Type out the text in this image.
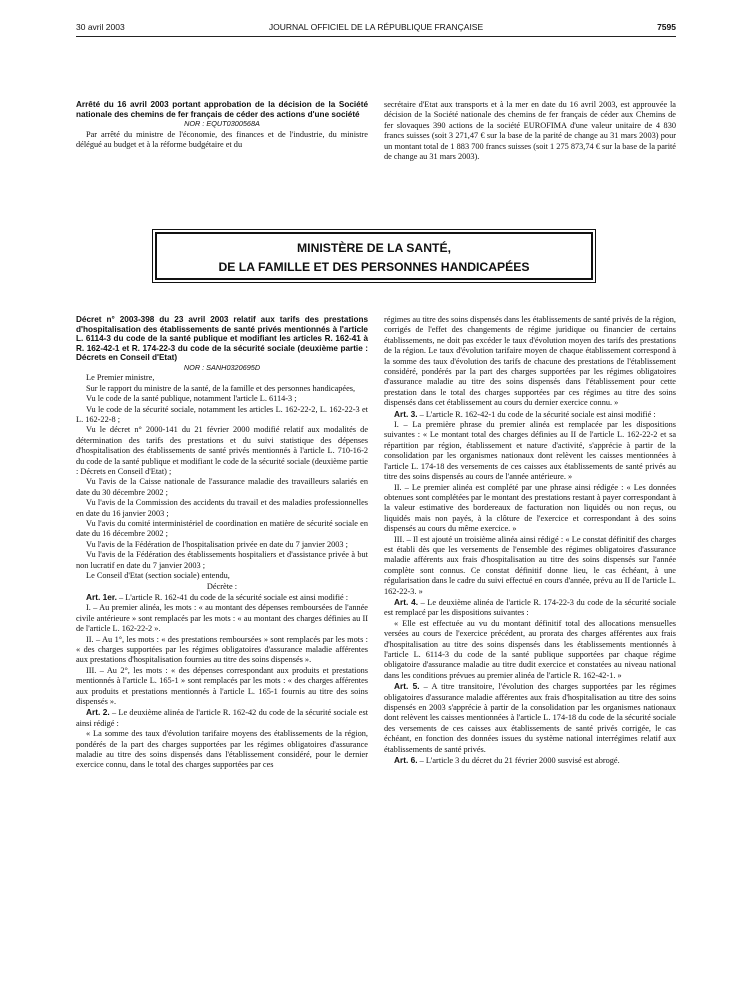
30 avril 2003	JOURNAL OFFICIEL DE LA RÉPUBLIQUE FRANÇAISE	7595

Arrêté du 16 avril 2003 portant approbation de la décision de la Société nationale des chemins de fer français de céder des actions d'une société

NOR : EQUT0300568A

Par arrêté du ministre de l'économie, des finances et de l'industrie, du ministre délégué au budget et à la réforme budgétaire et du

secrétaire d'Etat aux transports et à la mer en date du 16 avril 2003, est approuvée la décision de la Société nationale des chemins de fer français de céder aux Chemins de fer slovaques 390 actions de la société EUROFIMA d'une valeur unitaire de 4 830 francs suisses (soit 3 271,47 € sur la base de la parité de change au 31 mars 2003) pour un montant total de 1 883 700 francs suisses (soit 1 275 873,74 € sur la base de la parité de change au 31 mars 2003).

MINISTÈRE DE LA SANTÉ,
DE LA FAMILLE ET DES PERSONNES HANDICAPÉES

Décret n° 2003-398 du 23 avril 2003 relatif aux tarifs des prestations d'hospitalisation des établissements de santé privés mentionnés à l'article L. 6114-3 du code de la santé publique et modifiant les articles R. 162-41 à R. 162-42-1 et R. 174-22-3 du code de la sécurité sociale (deuxième partie : Décrets en Conseil d'Etat)

NOR : SANH0320695D

Le Premier ministre,

Sur le rapport du ministre de la santé, de la famille et des personnes handicapées,

Vu le code de la santé publique, notamment l'article L. 6114-3 ;

Vu le code de la sécurité sociale, notamment les articles L. 162-22-2, L. 162-22-3 et L. 162-22-8 ;

Vu le décret n° 2000-141 du 21 février 2000 modifié relatif aux modalités de détermination des tarifs des prestations et du suivi statistique des dépenses d'hospitalisation des établissements de santé privés mentionnés à l'article L. 710-16-2 du code de la santé publique et modifiant le code de la sécurité sociale (deuxième partie : Décrets en Conseil d'Etat) ;

Vu l'avis de la Caisse nationale de l'assurance maladie des travailleurs salariés en date du 30 décembre 2002 ;

Vu l'avis de la Commission des accidents du travail et des maladies professionnelles en date du 16 janvier 2003 ;

Vu l'avis du comité interministériel de coordination en matière de sécurité sociale en date du 16 décembre 2002 ;

Vu l'avis de la Fédération de l'hospitalisation privée en date du 7 janvier 2003 ;

Vu l'avis de la Fédération des établissements hospitaliers et d'assistance privée à but non lucratif en date du 7 janvier 2003 ;

Le Conseil d'Etat (section sociale) entendu,

Décrète :

Art. 1er. – L'article R. 162-41 du code de la sécurité sociale est ainsi modifié :

I. – Au premier alinéa, les mots : « au montant des dépenses remboursées de l'année civile antérieure » sont remplacés par les mots : « au montant des charges définies au II de l'article L. 162-22-2 ».

II. – Au 1°, les mots : « des prestations remboursées » sont remplacés par les mots : « des charges supportées par les régimes obligatoires d'assurance maladie afférentes aux prestations d'hospitalisation fournies au titre des soins dispensés ».

III. – Au 2°, les mots : « des dépenses correspondant aux produits et prestations mentionnés à l'article L. 165-1 » sont remplacés par les mots : « des charges afférentes aux produits et prestations mentionnés à l'article L. 165-1 fournis au titre des soins dispensés ».

Art. 2. – Le deuxième alinéa de l'article R. 162-42 du code de la sécurité sociale est ainsi rédigé :

« La somme des taux d'évolution tarifaire moyens des établissements de la région, pondérés de la part des charges supportées par les régimes obligatoires d'assurance maladie au titre des soins dispensés dans l'établissement considéré, pour le dernier exercice connu, dans le total des charges supportées par ces

régimes au titre des soins dispensés dans les établissements de santé privés de la région, corrigés de l'effet des changements de régime juridique ou financier de certains établissements, ne doit pas excéder le taux d'évolution moyen des tarifs des prestations de la région. Le taux d'évolution tarifaire moyen de chaque établissement correspond à la somme des taux d'évolution des tarifs de chacune des prestations de l'établissement considéré, pondérés par la part des charges supportées par les régimes obligatoires d'assurance maladie au titre des soins dispensés dans l'établissement pour cette prestation dans le total des charges supportées par ces régimes au titre des soins dispensés dans cet établissement au cours du dernier exercice connu. »

Art. 3. – L'article R. 162-42-1 du code de la sécurité sociale est ainsi modifié :

I. – La première phrase du premier alinéa est remplacée par les dispositions suivantes : « Le montant total des charges définies au II de l'article L. 162-22-2 et sa répartition par région, établissement et nature d'activité, s'apprécie à partir de la consolidation par les organismes nationaux dont relèvent les caisses mentionnées à l'article L. 174-18 des versements de ces caisses aux établissements de santé privés au titre des soins dispensés au cours de l'année antérieure. »

II. – Le premier alinéa est complété par une phrase ainsi rédigée : « Les données obtenues sont complétées par le montant des prestations restant à payer correspondant à la valeur estimative des bordereaux de facturation non liquidés ou non reçus, ou liquidés mais non payés, à la clôture de l'exercice et correspondant à des soins dispensés au cours du même exercice. »

III. – Il est ajouté un troisième alinéa ainsi rédigé : « Le constat définitif des charges est établi dès que les versements de l'ensemble des régimes obligatoires d'assurance maladie afférents aux frais d'hospitalisation au titre des soins dispensés sur l'année complète sont connus. Ce constat définitif donne lieu, le cas échéant, à une régularisation dans le cadre du suivi effectué en cours d'année, prévu au II de l'article L. 162-22-3. »

Art. 4. – Le deuxième alinéa de l'article R. 174-22-3 du code de la sécurité sociale est remplacé par les dispositions suivantes :

« Elle est effectuée au vu du montant définitif total des allocations mensuelles versées au cours de l'exercice précédent, au prorata des charges afférentes aux frais d'hospitalisation au titre des soins dispensés dans les établissements mentionnés à l'article L. 6114-3 du code de la santé publique supportées par chaque régime obligatoire d'assurance maladie au titre dudit exercice et constatées au niveau national dans les conditions prévues au premier alinéa de l'article R. 162-42-1. »

Art. 5. – A titre transitoire, l'évolution des charges supportées par les régimes obligatoires d'assurance maladie afférentes aux frais d'hospitalisation au titre des soins dispensés en 2003 s'apprécie à partir de la consolidation par les organismes nationaux dont relèvent les caisses mentionnées à l'article L. 174-18 du code de la sécurité sociale des versements de ces caisses aux établissements de santé privés corrigée, le cas échéant, en fonction des données issues du système national interrégimes relatif aux établissements de santé privés.

Art. 6. – L'article 3 du décret du 21 février 2000 susvisé est abrogé.
